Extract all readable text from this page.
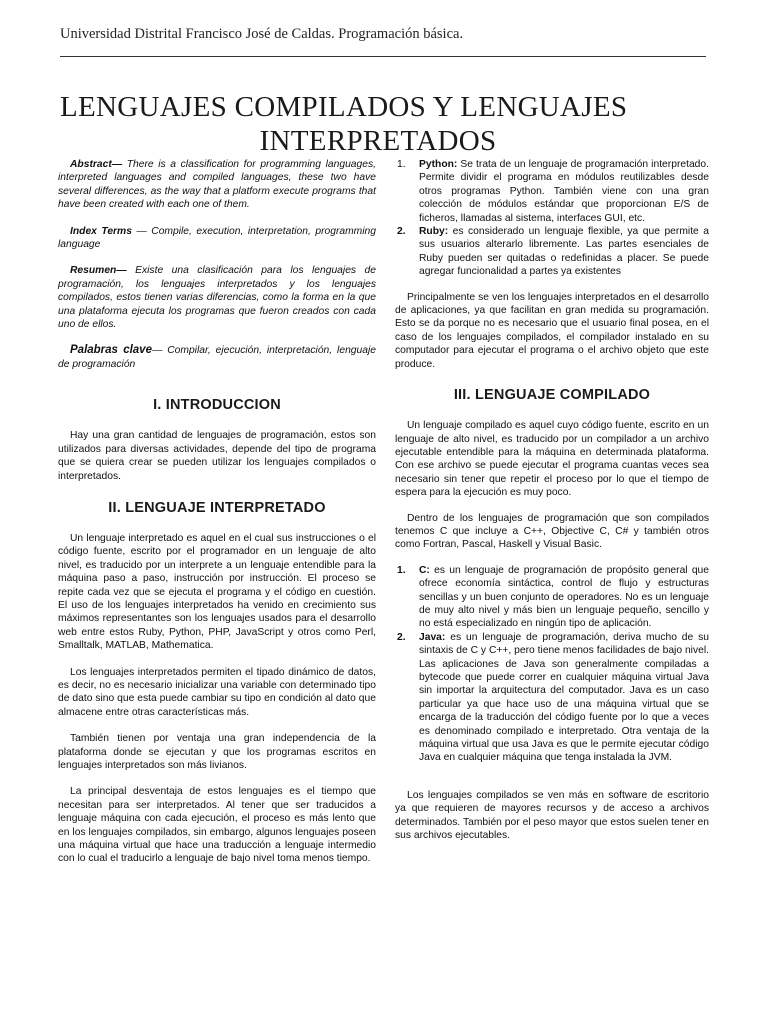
Universidad Distrital Francisco José de Caldas. Programación básica.
LENGUAJES COMPILADOS Y LENGUAJES
INTERPRETADOS

Abstract— There is a classification for programming languages, interpreted languages and compiled languages, these two have several differences, as the way that a platform execute programs that have been created with each one of them.

Index Terms — Compile, execution, interpretation, programming language

Resumen— Existe una clasificación para los lenguajes de programación, los lenguajes interpretados y los lenguajes compilados, estos tienen varias diferencias, como la forma en la que una plataforma ejecuta los programas que fueron creados con cada uno de ellos.

Palabras clave— Compilar, ejecución, interpretación, lenguaje de programación

I. INTRODUCCION

Hay una gran cantidad de lenguajes de programación, estos son utilizados para diversas actividades, depende del tipo de programa que se quiera crear se pueden utilizar los lenguajes compilados o interpretados.

II. LENGUAJE INTERPRETADO

Un lenguaje interpretado es aquel en el cual sus instrucciones o el código fuente, escrito por el programador en un lenguaje de alto nivel, es traducido por un interprete a un lenguaje entendible para la máquina paso a paso, instrucción por instrucción. El proceso se repite cada vez que se ejecuta el programa y el código en cuestión. El uso de los lenguajes interpretados ha venido en crecimiento sus máximos representantes son los lenguajes usados para el desarrollo web entre estos Ruby, Python, PHP, JavaScript y otros como Perl, Smalltalk, MATLAB, Mathematica.

Los lenguajes interpretados permiten el tipado dinámico de datos, es decir, no es necesario inicializar una variable con determinado tipo de dato sino que esta puede cambiar su tipo en condición al dato que almacene entre otras características más.

También tienen por ventaja una gran independencia de la plataforma donde se ejecutan y que los programas escritos en lenguajes interpretados son más livianos.

La principal desventaja de estos lenguajes es el tiempo que necesitan para ser interpretados. Al tener que ser traducidos a lenguaje máquina con cada ejecución, el proceso es más lento que en los lenguajes compilados, sin embargo, algunos lenguajes poseen una máquina virtual que hace una traducción a lenguaje intermedio con lo cual el traducirlo a lenguaje de bajo nivel toma menos tiempo.

1. Python: Se trata de un lenguaje de programación interpretado. Permite dividir el programa en módulos reutilizables desde otros programas Python. También viene con una gran colección de módulos estándar que proporcionan E/S de ficheros, llamadas al sistema, interfaces GUI, etc.
2. Ruby: es considerado un lenguaje flexible, ya que permite a sus usuarios alterarlo libremente. Las partes esenciales de Ruby pueden ser quitadas o redefinidas a placer. Se puede agregar funcionalidad a partes ya existentes

Principalmente se ven los lenguajes interpretados en el desarrollo de aplicaciones, ya que facilitan en gran medida su programación. Esto se da porque no es necesario que el usuario final posea, en el caso de los lenguajes compilados, el compilador instalado en su computador para ejecutar el programa o el archivo objeto que este produce.

III. LENGUAJE COMPILADO

Un lenguaje compilado es aquel cuyo código fuente, escrito en un lenguaje de alto nivel, es traducido por un compilador a un archivo ejecutable entendible para la máquina en determinada plataforma. Con ese archivo se puede ejecutar el programa cuantas veces sea necesario sin tener que repetir el proceso por lo que el tiempo de espera para la ejecución es muy poco.

Dentro de los lenguajes de programación que son compilados tenemos C que incluye a C++, Objective C, C# y también otros como Fortran, Pascal, Haskell y Visual Basic.

1. C: es un lenguaje de programación de propósito general que ofrece economía sintáctica, control de flujo y estructuras sencillas y un buen conjunto de operadores. No es un lenguaje de muy alto nivel y más bien un lenguaje pequeño, sencillo y no está especializado en ningún tipo de aplicación.
2. Java: es un lenguaje de programación, deriva mucho de su sintaxis de C y C++, pero tiene menos facilidades de bajo nivel. Las aplicaciones de Java son generalmente compiladas a bytecode que puede correr en cualquier máquina virtual Java sin importar la arquitectura del computador. Java es un caso particular ya que hace uso de una máquina virtual que se encarga de la traducción del código fuente por lo que a veces es denominado compilado e interpretado. Otra ventaja de la máquina virtual que usa Java es que le permite ejecutar código Java en cualquier máquina que tenga instalada la JVM.

Los lenguajes compilados se ven más en software de escritorio ya que requieren de mayores recursos y de acceso a archivos determinados. También por el peso mayor que estos suelen tener en sus archivos ejecutables.
